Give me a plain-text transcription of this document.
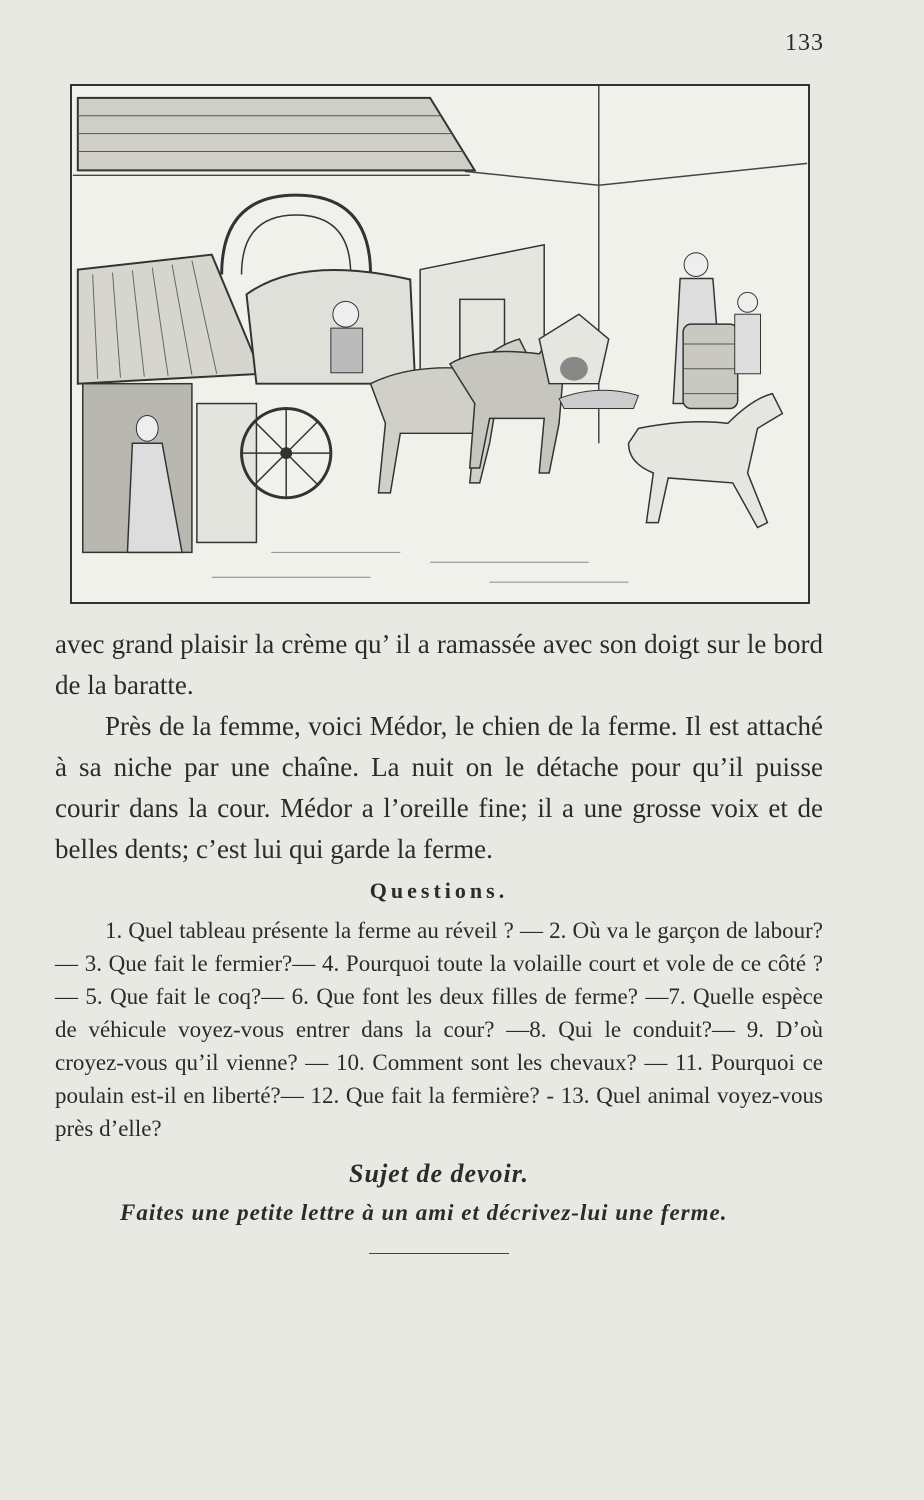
133

avec grand plaisir la crème qu’ il a ramassée avec son doigt sur le bord de la baratte.

Près de la femme, voici Médor, le chien de la ferme. Il est attaché à sa niche par une chaîne. La nuit on le détache pour qu’il puisse courir dans la cour. Médor a l’oreille fine; il a une grosse voix et de belles dents; c’est lui qui garde la ferme.

Questions.

1. Quel tableau présente la ferme au réveil ? — 2. Où va le garçon de labour?— 3. Que fait le fermier?— 4. Pourquoi toute la volaille court et vole de ce côté ? — 5. Que fait le coq?— 6. Que font les deux filles de ferme? —7. Quelle espèce de véhicule voyez-vous entrer dans la cour? —8. Qui le conduit?— 9. D’où croyez-vous qu’il vienne? — 10. Comment sont les chevaux? — 11. Pourquoi ce poulain est-il en liberté?— 12. Que fait la fermière? - 13. Quel animal voyez-vous près d’elle?

Sujet de devoir.

Faites une petite lettre à un ami et décrivez-lui une ferme.
